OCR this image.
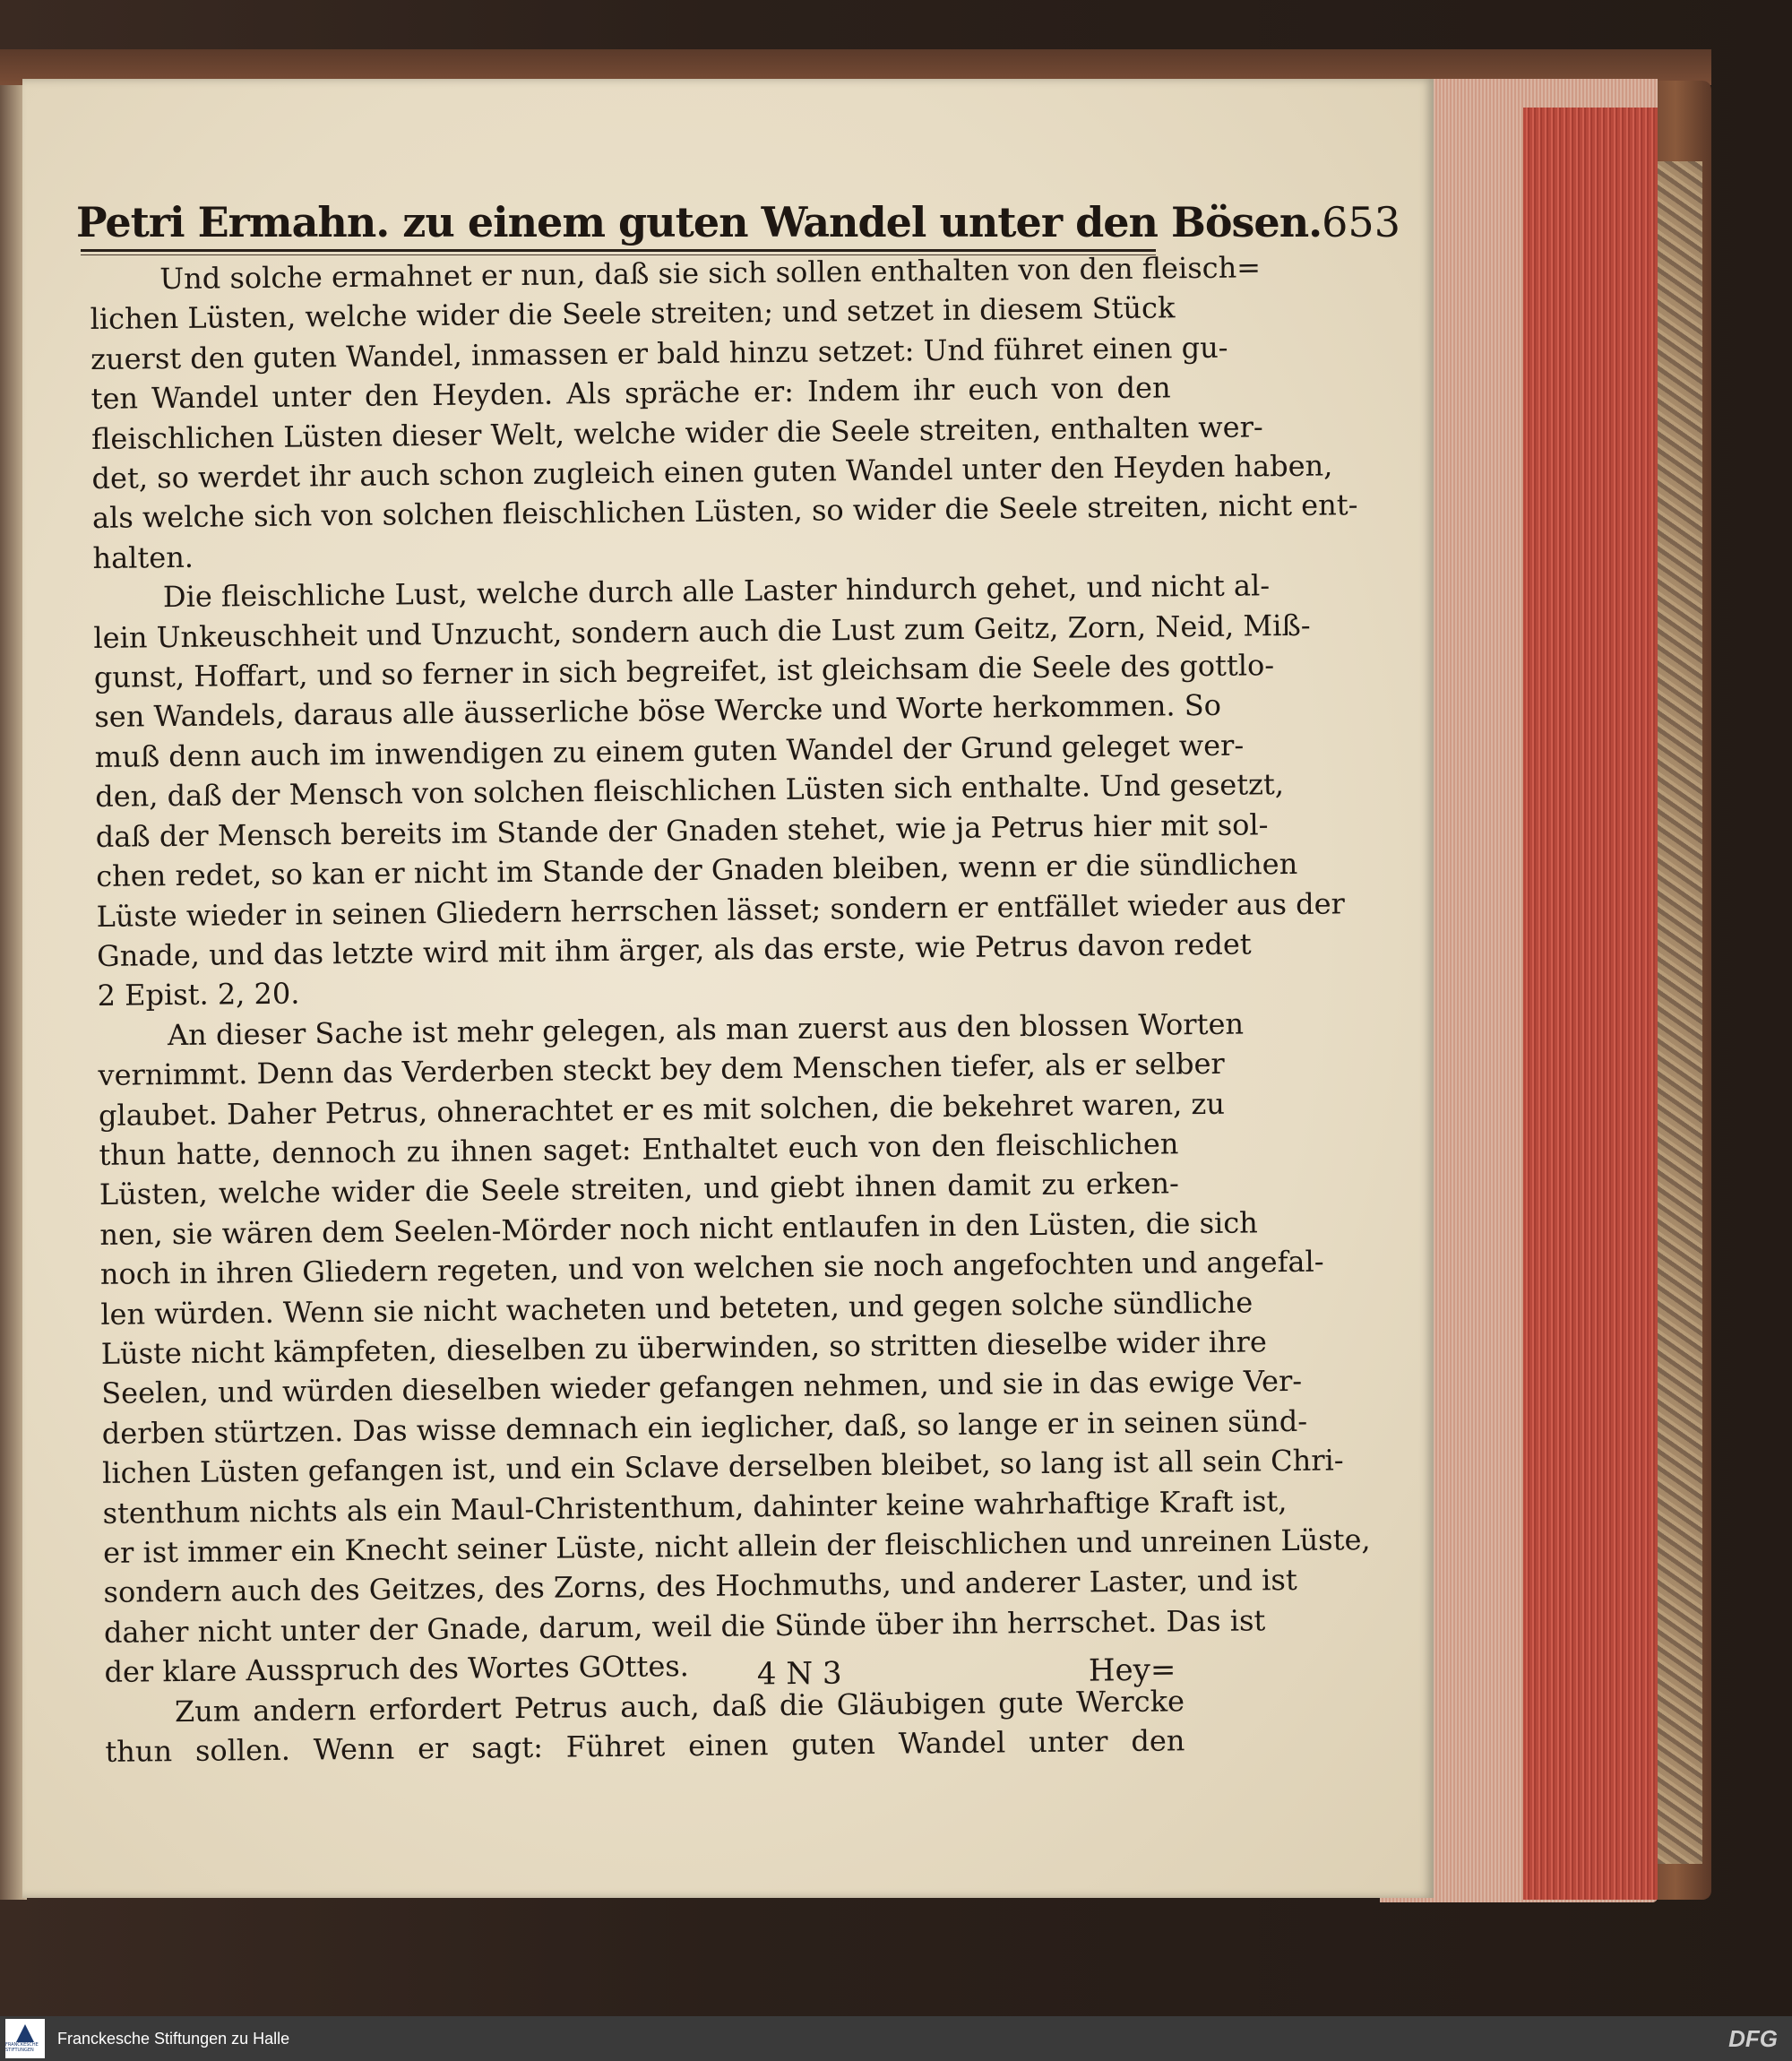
Petri Ermahn. zu einem guten Wandel unter den Bösen. 653
Und solche ermahnet er nun, daß sie sich sollen enthalten von den fleisch=
lichen Lüsten, welche wider die Seele streiten; und setzet in diesem Stück
zuerst den guten Wandel, inmassen er bald hinzu setzet: Und führet einen gu-
ten Wandel unter den Heyden. Als spräche er: Indem ihr euch von den
fleischlichen Lüsten dieser Welt, welche wider die Seele streiten, enthalten wer-
det, so werdet ihr auch schon zugleich einen guten Wandel unter den Heyden haben,
als welche sich von solchen fleischlichen Lüsten, so wider die Seele streiten, nicht ent-
halten.
Die fleischliche Lust, welche durch alle Laster hindurch gehet, und nicht al-
lein Unkeuschheit und Unzucht, sondern auch die Lust zum Geitz, Zorn, Neid, Miß-
gunst, Hoffart, und so ferner in sich begreifet, ist gleichsam die Seele des gottlo-
sen Wandels, daraus alle äusserliche böse Wercke und Worte herkommen. So
muß denn auch im inwendigen zu einem guten Wandel der Grund geleget wer-
den, daß der Mensch von solchen fleischlichen Lüsten sich enthalte. Und gesetzt,
daß der Mensch bereits im Stande der Gnaden stehet, wie ja Petrus hier mit sol-
chen redet, so kan er nicht im Stande der Gnaden bleiben, wenn er die sündlichen
Lüste wieder in seinen Gliedern herrschen lässet; sondern er entfället wieder aus der
Gnade, und das letzte wird mit ihm ärger, als das erste, wie Petrus davon redet
2 Epist. 2, 20.
An dieser Sache ist mehr gelegen, als man zuerst aus den blossen Worten
vernimmt. Denn das Verderben steckt bey dem Menschen tiefer, als er selber
glaubet. Daher Petrus, ohnerachtet er es mit solchen, die bekehret waren, zu
thun hatte, dennoch zu ihnen saget: Enthaltet euch von den fleischlichen
Lüsten, welche wider die Seele streiten, und giebt ihnen damit zu erken-
nen, sie wären dem Seelen-Mörder noch nicht entlaufen in den Lüsten, die sich
noch in ihren Gliedern regeten, und von welchen sie noch angefochten und angefal-
len würden. Wenn sie nicht wacheten und beteten, und gegen solche sündliche
Lüste nicht kämpfeten, dieselben zu überwinden, so stritten dieselbe wider ihre
Seelen, und würden dieselben wieder gefangen nehmen, und sie in das ewige Ver-
derben stürtzen. Das wisse demnach ein ieglicher, daß, so lange er in seinen sünd-
lichen Lüsten gefangen ist, und ein Sclave derselben bleibet, so lang ist all sein Chri-
stenthum nichts als ein Maul-Christenthum, dahinter keine wahrhaftige Kraft ist,
er ist immer ein Knecht seiner Lüste, nicht allein der fleischlichen und unreinen Lüste,
sondern auch des Geitzes, des Zorns, des Hochmuths, und anderer Laster, und ist
daher nicht unter der Gnade, darum, weil die Sünde über ihn herrschet. Das ist
der klare Ausspruch des Wortes GOttes.
Zum andern erfordert Petrus auch, daß die Gläubigen gute Wercke
thun sollen. Wenn er sagt: Führet einen guten Wandel unter den
4 N 3	Hey=
FRANCKESCHE STIFTUNGEN
Franckesche Stiftungen zu Halle	DFG
